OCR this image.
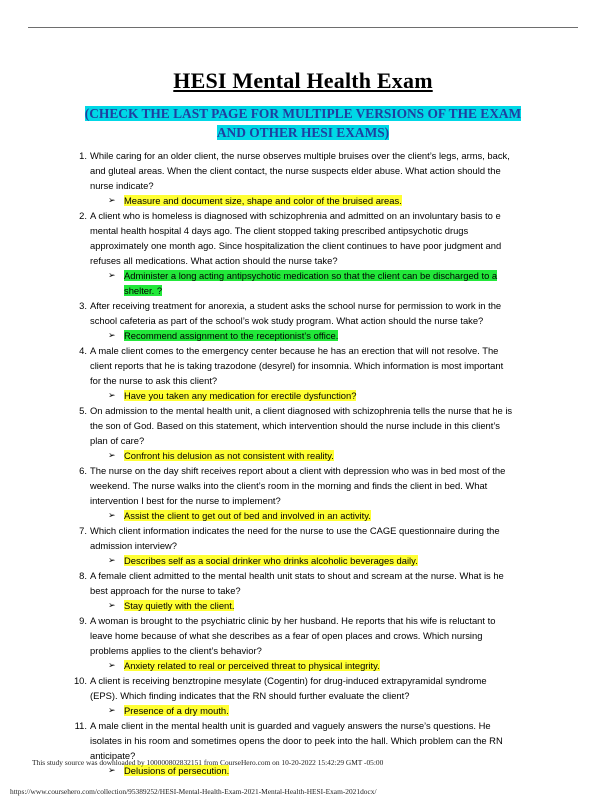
HESI Mental Health Exam
(CHECK THE LAST PAGE FOR MULTIPLE VERSIONS OF THE EXAM AND OTHER HESI EXAMS)
1. While caring for an older client, the nurse observes multiple bruises over the client’s legs, arms, back, and gluteal areas. When the client contact, the nurse suspects elder abuse. What action should the nurse indicate?
➢ Measure and document size, shape and color of the bruised areas.
2. A client who is homeless is diagnosed with schizophrenia and admitted on an involuntary basis to e mental health hospital 4 days ago. The client stopped taking prescribed antipsychotic drugs approximately one month ago. Since hospitalization the client continues to have poor judgment and refuses all medications. What action should the nurse take?
➢ Administer a long acting antipsychotic medication so that the client can be discharged to a shelter. ?
3. After receiving treatment for anorexia, a student asks the school nurse for permission to work in the school cafeteria as part of the school’s wok study program. What action should the nurse take?
➢ Recommend assignment to the receptionist’s office.
4. A male client comes to the emergency center because he has an erection that will not resolve. The client reports that he is taking trazodone (desyrel) for insomnia. Which information is most important for the nurse to ask this client?
➢ Have you taken any medication for erectile dysfunction?
5. On admission to the mental health unit, a client diagnosed with schizophrenia tells the nurse that he is the son of God. Based on this statement, which intervention should the nurse include in this client’s plan of care?
➢ Confront his delusion as not consistent with reality.
6. The nurse on the day shift receives report about a client with depression who was in bed most of the weekend. The nurse walks into the client’s room in the morning and finds the client in bed. What intervention I best for the nurse to implement?
➢ Assist the client to get out of bed and involved in an activity.
7. Which client information indicates the need for the nurse to use the CAGE questionnaire during the admission interview?
➢ Describes self as a social drinker who drinks alcoholic beverages daily.
8. A female client admitted to the mental health unit stats to shout and scream at the nurse. What is he best approach for the nurse to take?
➢ Stay quietly with the client.
9. A woman is brought to the psychiatric clinic by her husband. He reports that his wife is reluctant to leave home because of what she describes as a fear of open places and crows. Which nursing problems applies to the client’s behavior?
➢ Anxiety related to real or perceived threat to physical integrity.
10. A client is receiving benztropine mesylate (Cogentin) for drug-induced extrapyramidal syndrome (EPS). Which finding indicates that the RN should further evaluate the client?
➢ Presence of a dry mouth.
11. A male client in the mental health unit is guarded and vaguely answers the nurse’s questions. He isolates in his room and sometimes opens the door to peek into the hall. Which problem can the RN anticipate?
➢ Delusions of persecution.
This study source was downloaded by 100000802832151 from CourseHero.com on 10-20-2022 15:42:29 GMT -05:00
https://www.coursehero.com/collection/95389252/HESI-Mental-Health-Exam-2021-Mental-Health-HESI-Exam-2021docx/
